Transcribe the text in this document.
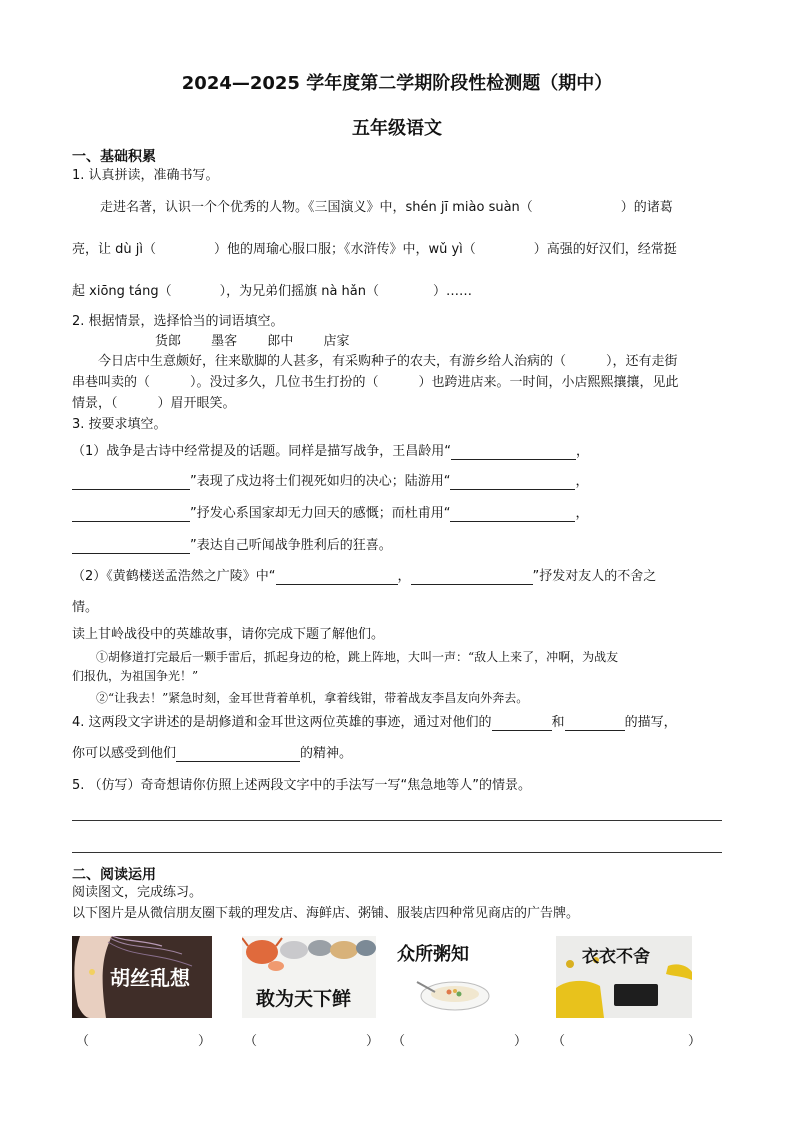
2024—2025 学年度第二学期阶段性检测题（期中）
五年级语文
一、基础积累
1. 认真拼读，准确书写。
走进名著，认识一个个优秀的人物。《三国演义》中，shén jī miào suàn（	）的诸葛
亮，让 dù jì（	）他的周瑜心服口服；《水浒传》中，wǔ yì（	）高强的好汉们，经常挺
起 xiōng táng（	），为兄弟们摇旗 nà hǎn（	）……
2. 根据情景，选择恰当的词语填空。
货郎 墨客 郎中 店家
今日店中生意颇好，往来歇脚的人甚多，有采购种子的农夫，有游乡给人治病的（	），还有走街
串巷叫卖的（	）。没过多久，几位书生打扮的（	）也跨进店来。一时间，小店熙熙攘攘，见此
情景，（	）眉开眼笑。
3. 按要求填空。
（1）战争是古诗中经常提及的话题。同样是描写战争，王昌龄用“	，
”表现了戍边将士们视死如归的决心；陆游用“	，
”抒发心系国家却无力回天的感慨；而杜甫用“	，
”表达自己听闻战争胜利后的狂喜。
（2）《黄鹤楼送孟浩然之广陵》中“	，	”抒发对友人的不舍之
情。
读上甘岭战役中的英雄故事，请你完成下题了解他们。
①胡修道打完最后一颗手雷后，抓起身边的枪，跳上阵地，大叫一声：“敌人上来了，冲啊，为战友
们报仇，为祖国争光！”
②“让我去！”紧急时刻，金耳世背着单机，拿着线钳，带着战友李昌友向外奔去。
4. 这两段文字讲述的是胡修道和金耳世这两位英雄的事迹，通过对他们的	和	的描写，
你可以感受到他们	的精神。
5. （仿写）奇奇想请你仿照上述两段文字中的手法写一写“焦急地等人”的情景。
二、阅读运用
阅读图文，完成练习。
以下图片是从微信朋友圈下载的理发店、海鲜店、粥铺、服装店四种常见商店的广告牌。
胡丝乱想
敢为天下鲜
众所粥知	衣衣不舍
（	）	（	） （	） （	）
